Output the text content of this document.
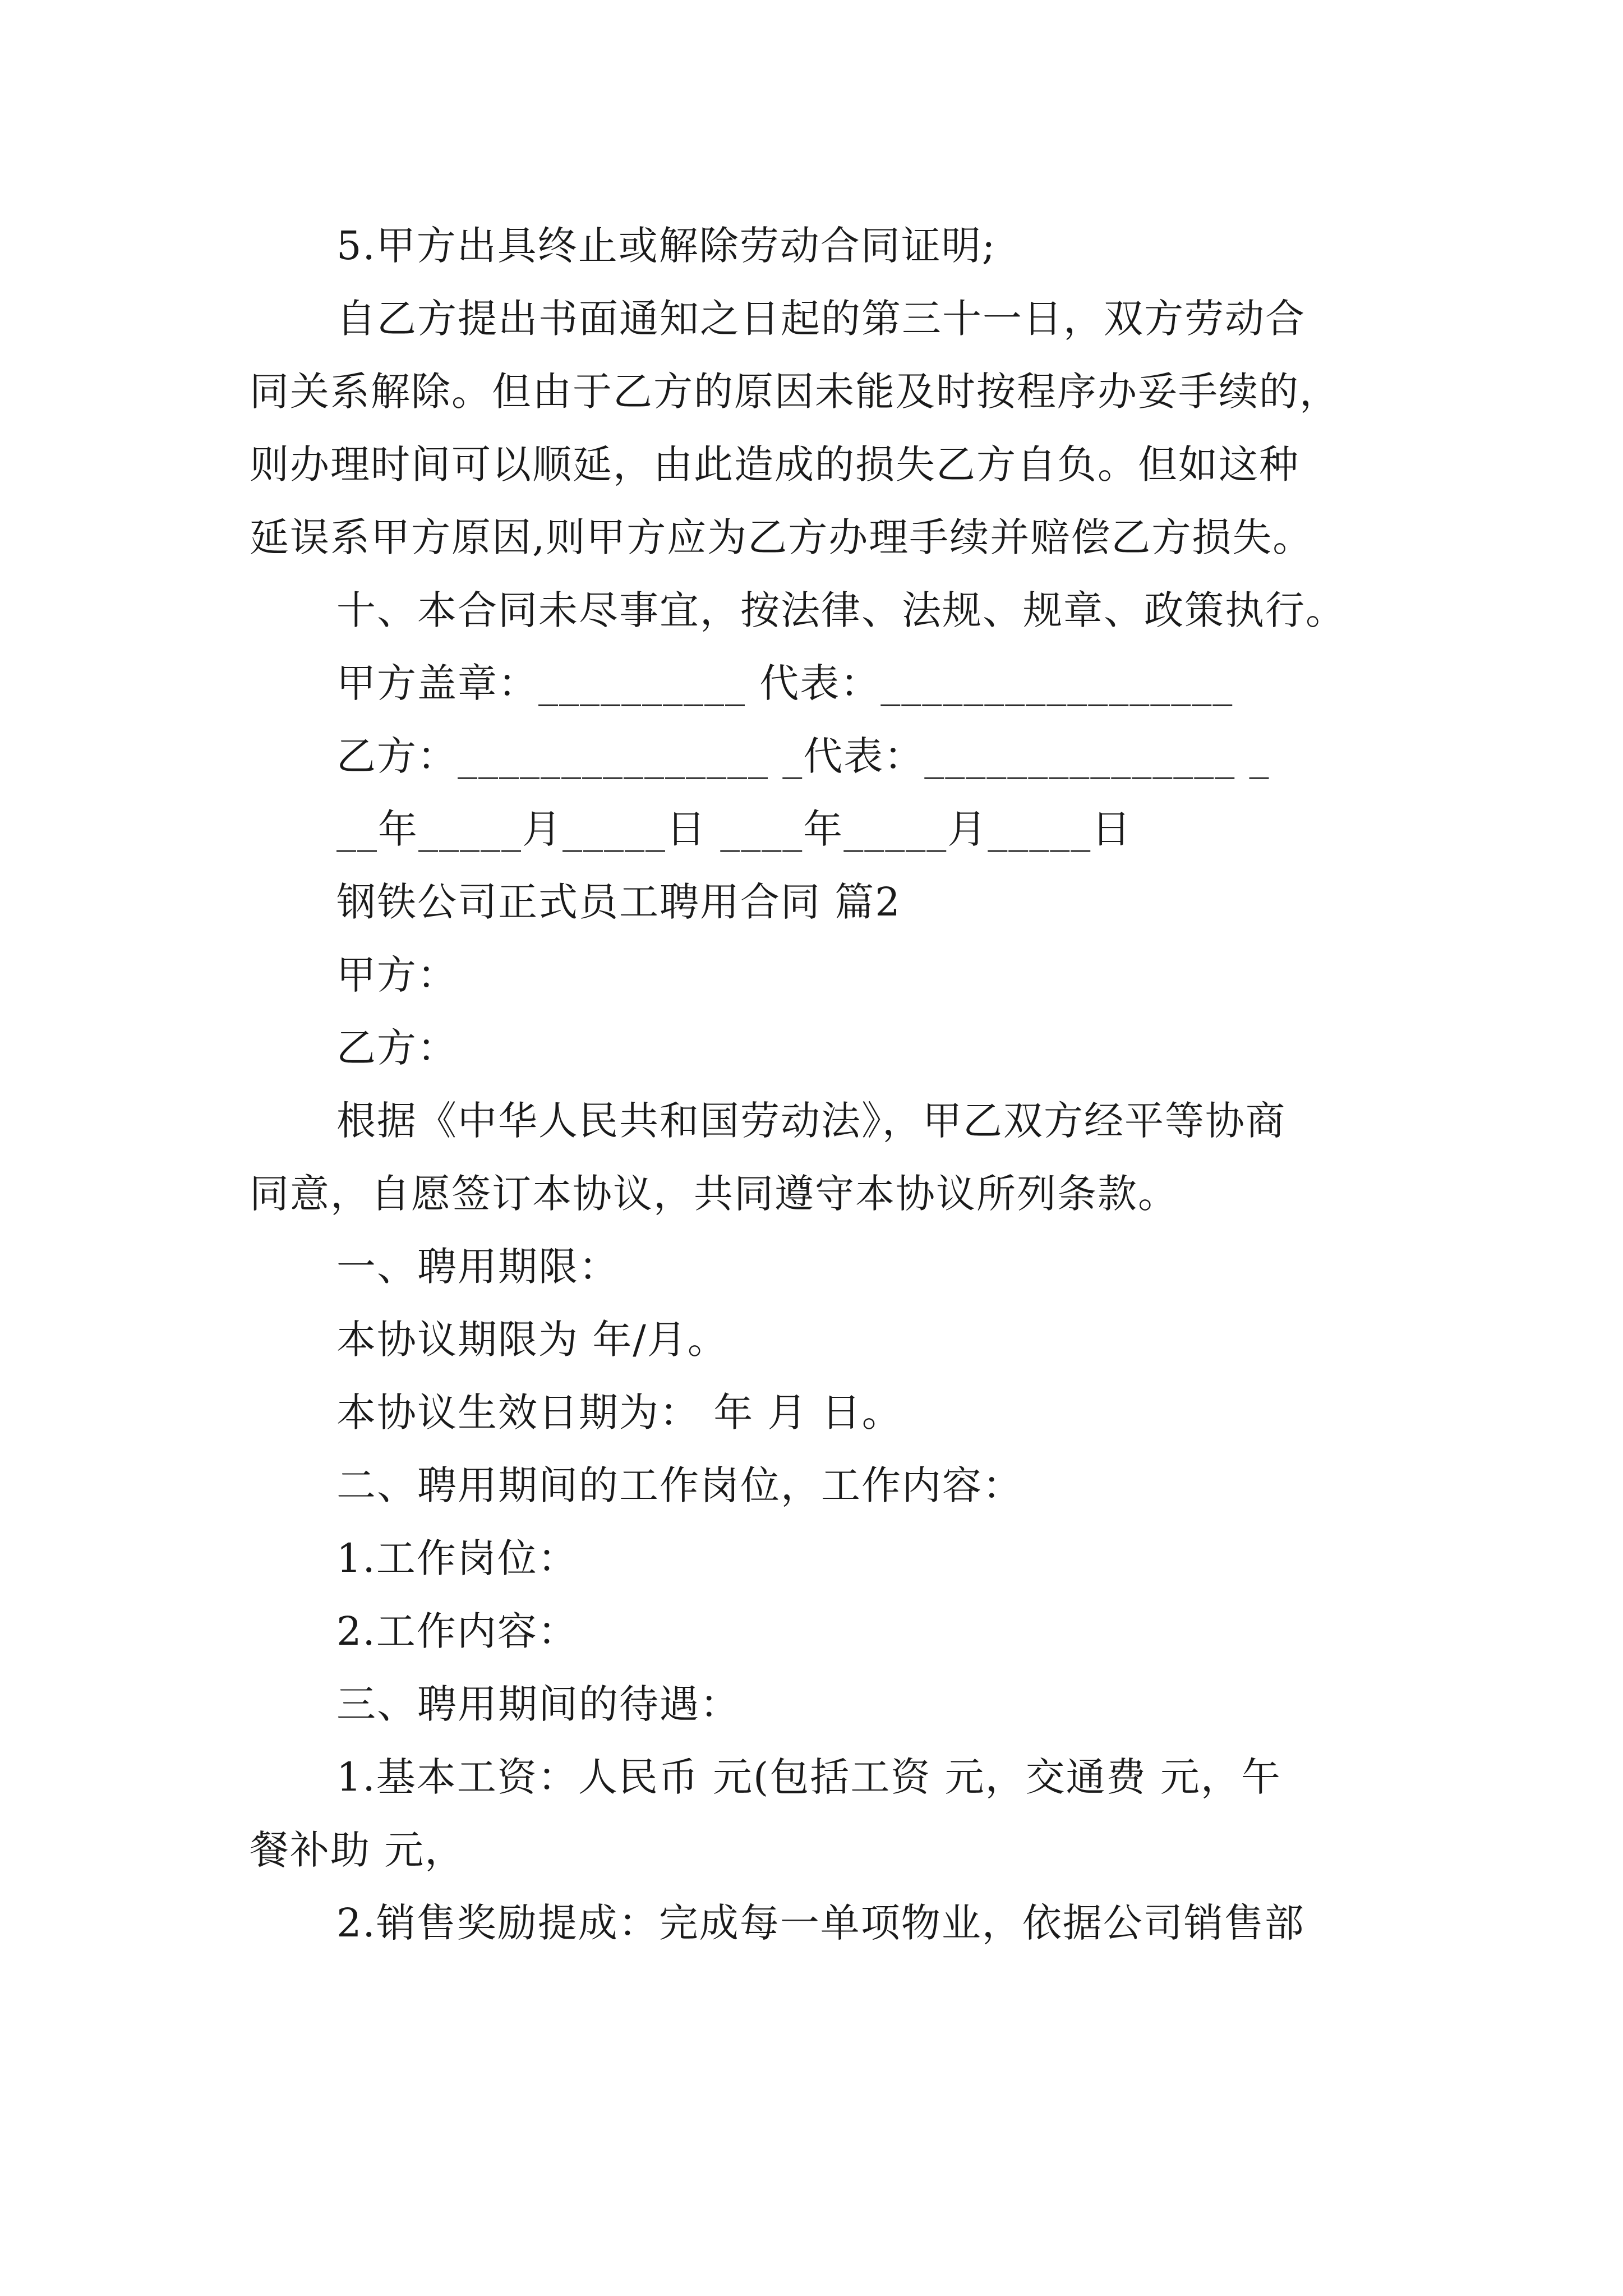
5.甲方出具终止或解除劳动合同证明;
自乙方提出书面通知之日起的第三十一日，双方劳动合
同关系解除。但由于乙方的原因未能及时按程序办妥手续的，
则办理时间可以顺延，由此造成的损失乙方自负。但如这种
延误系甲方原因,则甲方应为乙方办理手续并赔偿乙方损失。
十、本合同未尽事宜，按法律、法规、规章、政策执行。
甲方盖章：__________ 代表：_________________
乙方：_______________ _代表：_______________ _
__年_____月_____日 ____年_____月_____日
钢铁公司正式员工聘用合同 篇2
甲方：
乙方：
根据《中华人民共和国劳动法》，甲乙双方经平等协商
同意，自愿签订本协议，共同遵守本协议所列条款。
一、聘用期限：
本协议期限为 年/月。
本协议生效日期为： 年 月 日。
二、聘用期间的工作岗位，工作内容：
1.工作岗位：
2.工作内容：
三、聘用期间的待遇：
1.基本工资：人民币 元(包括工资 元，交通费 元，午
餐补助 元，
2.销售奖励提成：完成每一单项物业，依据公司销售部
